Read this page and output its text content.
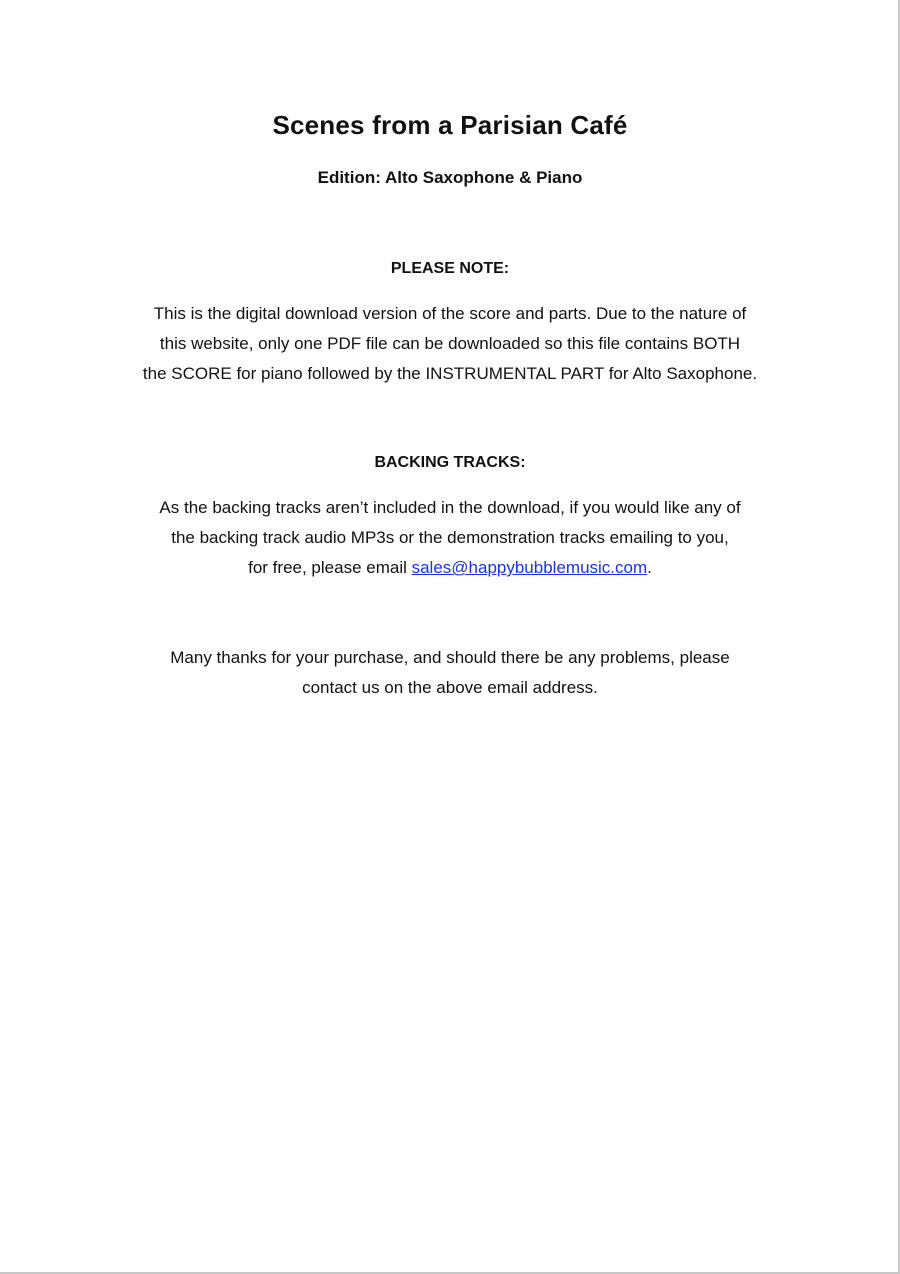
Scenes from a Parisian Café
Edition: Alto Saxophone & Piano
PLEASE NOTE:
This is the digital download version of the score and parts. Due to the nature of
this website, only one PDF file can be downloaded so this file contains BOTH
the SCORE for piano followed by the INSTRUMENTAL PART for Alto Saxophone.
BACKING TRACKS:
As the backing tracks aren’t included in the download, if you would like any of
the backing track audio MP3s or the demonstration tracks emailing to you,
for free, please email sales@happybubblemusic.com.
Many thanks for your purchase, and should there be any problems, please
contact us on the above email address.
